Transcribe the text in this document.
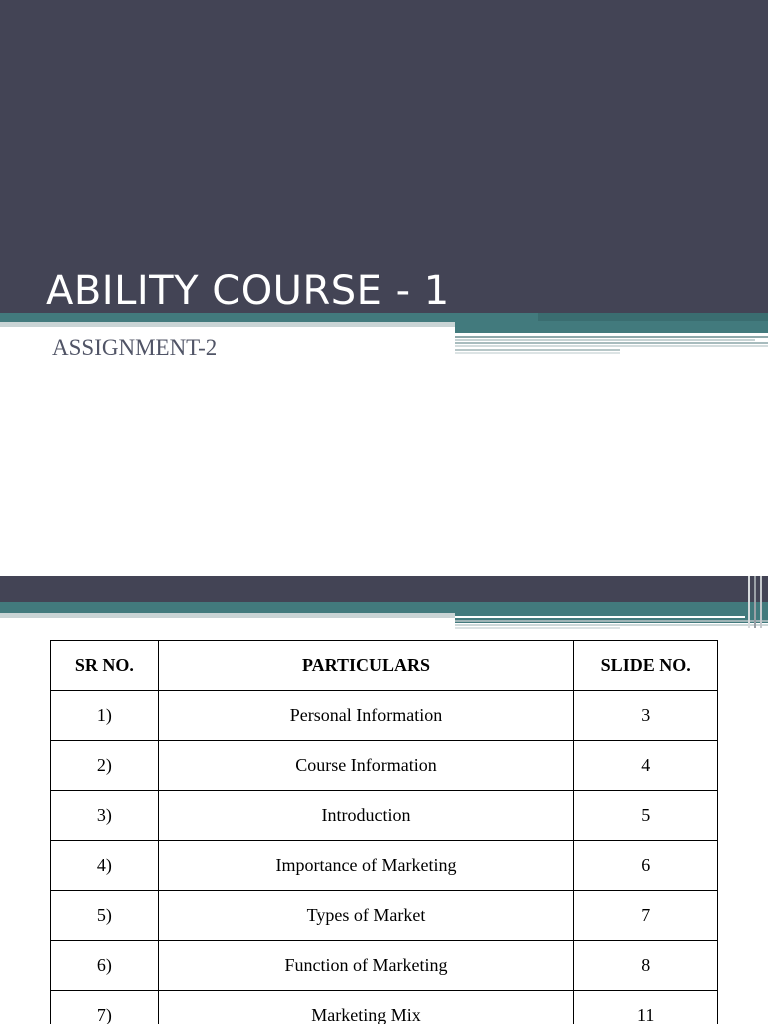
ABILITY COURSE - 1

ASSIGNMENT-2

SR NO.	PARTICULARS	SLIDE NO.
1)	Personal Information	3
2)	Course Information	4
3)	Introduction	5
4)	Importance of Marketing	6
5)	Types of Market	7
6)	Function of Marketing	8
7)	Marketing Mix	11
